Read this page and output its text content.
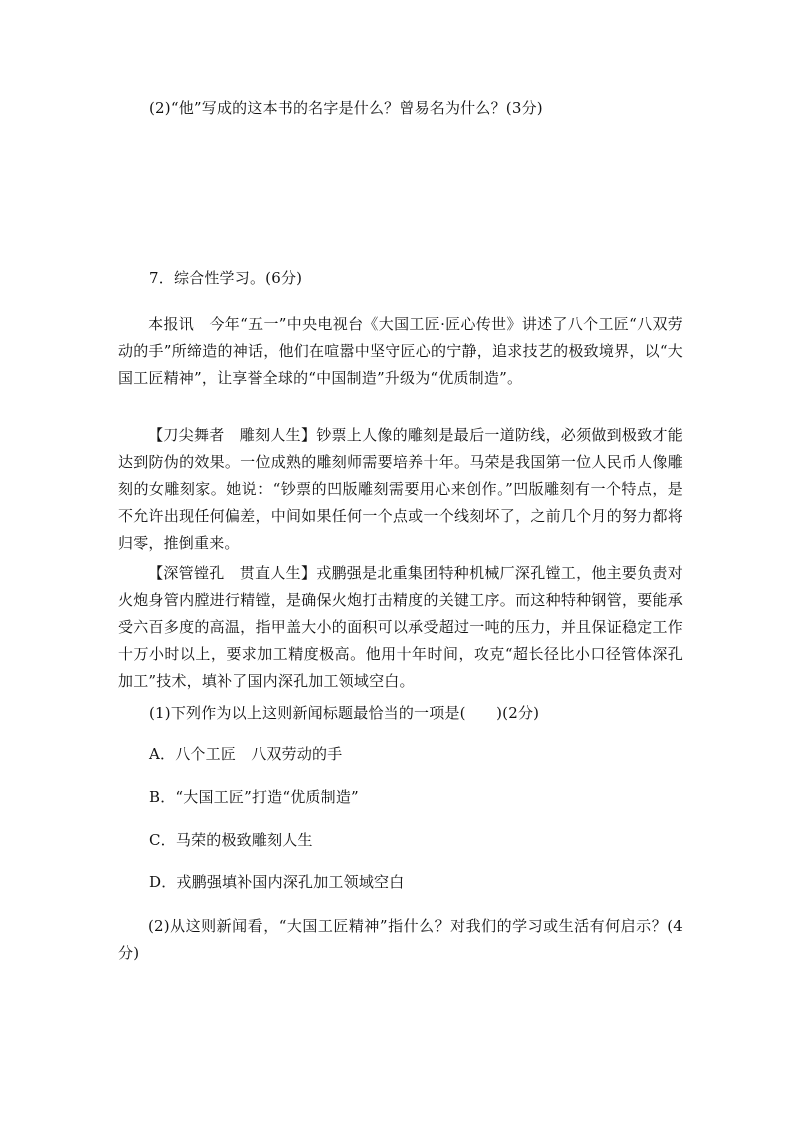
(2)“他”写成的这本书的名字是什么？曾易名为什么？(3分)
7．综合性学习。(6分)
本报讯　今年“五一”中央电视台《大国工匠·匠心传世》讲述了八个工匠“八双劳动的手”所缔造的神话，他们在喧嚣中坚守匠心的宁静，追求技艺的极致境界，以“大国工匠精神”，让享誉全球的“中国制造”升级为“优质制造”。
【刀尖舞者　雕刻人生】钞票上人像的雕刻是最后一道防线，必须做到极致才能达到防伪的效果。一位成熟的雕刻师需要培养十年。马荣是我国第一位人民币人像雕刻的女雕刻家。她说：“钞票的凹版雕刻需要用心来创作。”凹版雕刻有一个特点，是不允许出现任何偏差，中间如果任何一个点或一个线刻坏了，之前几个月的努力都将归零，推倒重来。
【深管镗孔　贯直人生】戎鹏强是北重集团特种机械厂深孔镗工，他主要负责对火炮身管内膛进行精镗，是确保火炮打击精度的关键工序。而这种特种钢管，要能承受六百多度的高温，指甲盖大小的面积可以承受超过一吨的压力，并且保证稳定工作十万小时以上，要求加工精度极高。他用十年时间，攻克“超长径比小口径管体深孔加工”技术，填补了国内深孔加工领域空白。
(1)下列作为以上这则新闻标题最恰当的一项是(　　)(2分)
A．八个工匠　八双劳动的手
B．“大国工匠”打造“优质制造”
C．马荣的极致雕刻人生
D．戎鹏强填补国内深孔加工领域空白
(2)从这则新闻看，“大国工匠精神”指什么？对我们的学习或生活有何启示？(4分)
